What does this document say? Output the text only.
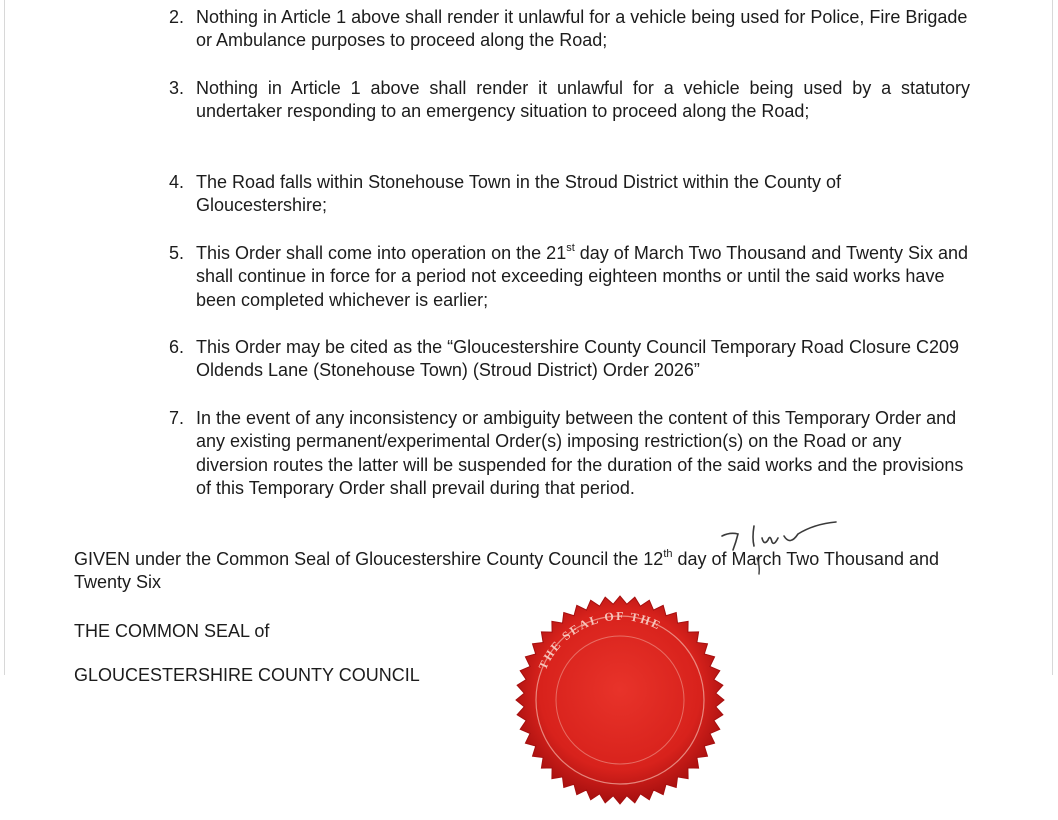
2. Nothing in Article 1 above shall render it unlawful for a vehicle being used for Police, Fire Brigade or Ambulance purposes to proceed along the Road;
3. Nothing in Article 1 above shall render it unlawful for a vehicle being used by a statutory undertaker responding to an emergency situation to proceed along the Road;
4. The Road falls within Stonehouse Town in the Stroud District within the County of Gloucestershire;
5. This Order shall come into operation on the 21st day of March Two Thousand and Twenty Six and shall continue in force for a period not exceeding eighteen months or until the said works have been completed whichever is earlier;
6. This Order may be cited as the “Gloucestershire County Council Temporary Road Closure C209 Oldends Lane (Stonehouse Town) (Stroud District) Order 2026”
7. In the event of any inconsistency or ambiguity between the content of this Temporary Order and any existing permanent/experimental Order(s) imposing restriction(s) on the Road or any diversion routes the latter will be suspended for the duration of the said works and the provisions of this Temporary Order shall prevail during that period.
GIVEN under the Common Seal of Gloucestershire County Council the 12th day of March Two Thousand and Twenty Six
THE COMMON SEAL of
GLOUCESTERSHIRE COUNTY COUNCIL
THE SEAL OF THE
